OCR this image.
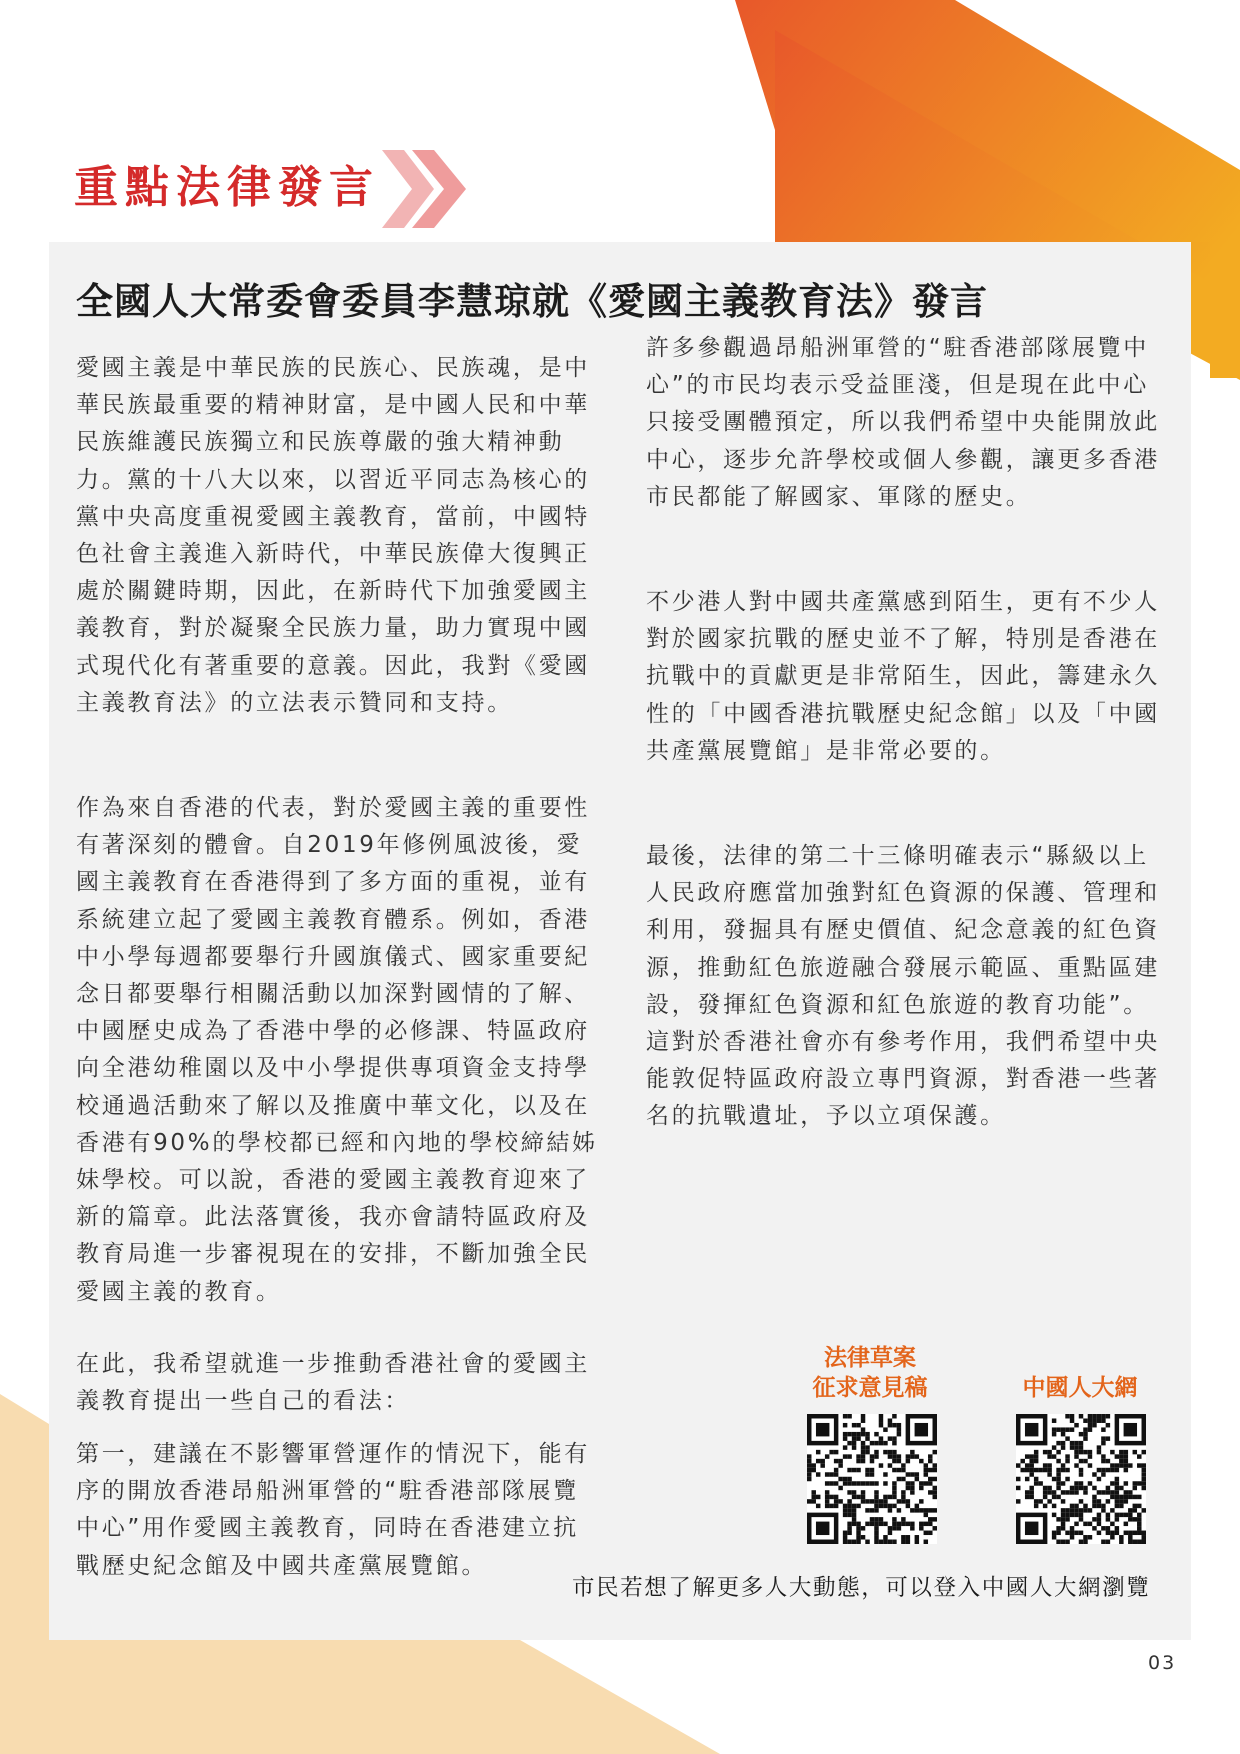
重點法律發言
全國人大常委會委員李慧琼就《愛國主義教育法》發言

愛國主義是中華民族的民族心、民族魂，是中華民族最重要的精神財富，是中國人民和中華民族維護民族獨立和民族尊嚴的強大精神動力。黨的十八大以來，以習近平同志為核心的黨中央高度重視愛國主義教育，當前，中國特色社會主義進入新時代，中華民族偉大復興正處於關鍵時期，因此，在新時代下加強愛國主義教育，對於凝聚全民族力量，助力實現中國式現代化有著重要的意義。因此，我對《愛國主義教育法》的立法表示贊同和支持。

作為來自香港的代表，對於愛國主義的重要性有著深刻的體會。自2019年修例風波後，愛國主義教育在香港得到了多方面的重視，並有系統建立起了愛國主義教育體系。例如，香港中小學每週都要舉行升國旗儀式、國家重要紀念日都要舉行相關活動以加深對國情的了解、中國歷史成為了香港中學的必修課、特區政府向全港幼稚園以及中小學提供專項資金支持學校通過活動來了解以及推廣中華文化，以及在香港有90%的學校都已經和內地的學校締結姊妹學校。可以說，香港的愛國主義教育迎來了新的篇章。此法落實後，我亦會請特區政府及教育局進一步審視現在的安排，不斷加強全民愛國主義的教育。

在此，我希望就進一步推動香港社會的愛國主義教育提出一些自己的看法：

第一，建議在不影響軍營運作的情況下，能有序的開放香港昂船洲軍營的“駐香港部隊展覽中心”用作愛國主義教育，同時在香港建立抗戰歷史紀念館及中國共產黨展覽館。

許多參觀過昂船洲軍營的“駐香港部隊展覽中心”的市民均表示受益匪淺，但是現在此中心只接受團體預定，所以我們希望中央能開放此中心，逐步允許學校或個人參觀，讓更多香港市民都能了解國家、軍隊的歷史。

不少港人對中國共產黨感到陌生，更有不少人對於國家抗戰的歷史並不了解，特別是香港在抗戰中的貢獻更是非常陌生，因此，籌建永久性的「中國香港抗戰歷史紀念館」以及「中國共產黨展覽館」是非常必要的。

最後，法律的第二十三條明確表示“縣級以上人民政府應當加強對紅色資源的保護、管理和利用，發掘具有歷史價值、紀念意義的紅色資源，推動紅色旅遊融合發展示範區、重點區建設，發揮紅色資源和紅色旅遊的教育功能”。這對於香港社會亦有參考作用，我們希望中央能敦促特區政府設立專門資源，對香港一些著名的抗戰遺址，予以立項保護。

法律草案
征求意見稿	中國人大網
市民若想了解更多人大動態，可以登入中國人大網瀏覽
03
